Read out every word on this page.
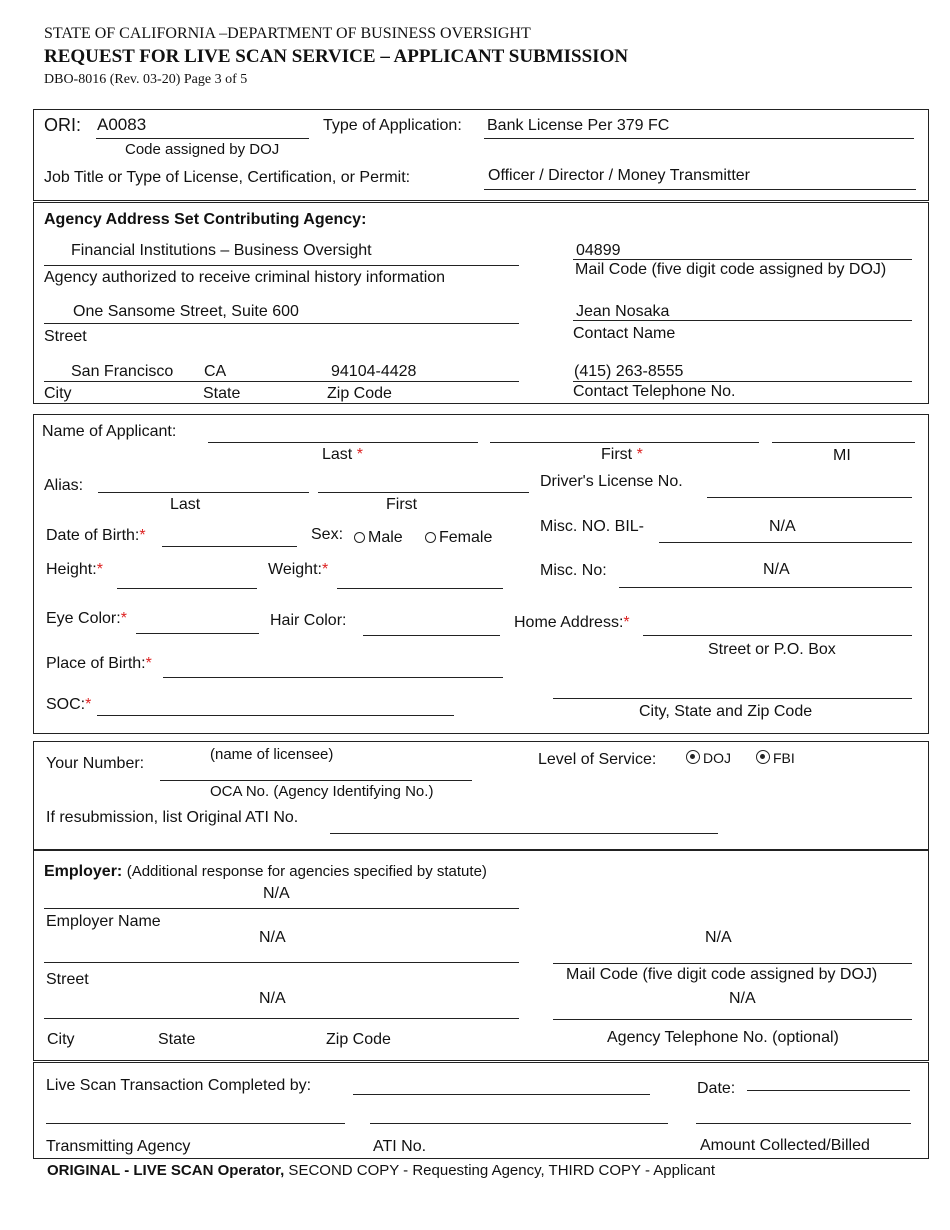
STATE OF CALIFORNIA –DEPARTMENT OF BUSINESS OVERSIGHT
REQUEST FOR LIVE SCAN SERVICE – APPLICANT SUBMISSION
DBO-8016 (Rev. 03-20) Page 3 of 5
ORI: A0083
Code assigned by DOJ
Type of Application: Bank License Per 379 FC
Job Title or Type of License, Certification, or Permit:	Officer / Director / Money Transmitter
Agency Address Set Contributing Agency:
Financial Institutions – Business Oversight
Agency authorized to receive criminal history information
04899
Mail Code (five digit code assigned by DOJ)
One Sansome Street, Suite 600
Street
Jean Nosaka
Contact Name
San Francisco CA	94104-4428
City	State	Zip Code
(415) 263-8555
Contact Telephone No.
Name of Applicant:
Last *	First *	MI
Alias:
Last	First
Driver's License No.
Date of Birth:*	Sex:	Male	Female
Misc. NO. BIL-	N/A
Height:*	Weight:*	Misc. No:	N/A
Eye Color:*	Hair Color:	Home Address:*
Street or P.O. Box
Place of Birth:*
SOC:*	City, State and Zip Code
Your Number:
(name of licensee)
OCA No. (Agency Identifying No.)
Level of Service:	DOJ	FBI
If resubmission, list Original ATI No.
Employer: (Additional response for agencies specified by statute)
N/A
Employer Name
N/A	N/A
Street	Mail Code (five digit code assigned by DOJ)
N/A	N/A
City	State	Zip Code	Agency Telephone No. (optional)
Live Scan Transaction Completed by:	Date:
Transmitting Agency	ATI No.	Amount Collected/Billed
ORIGINAL - LIVE SCAN Operator, SECOND COPY - Requesting Agency, THIRD COPY - Applicant
